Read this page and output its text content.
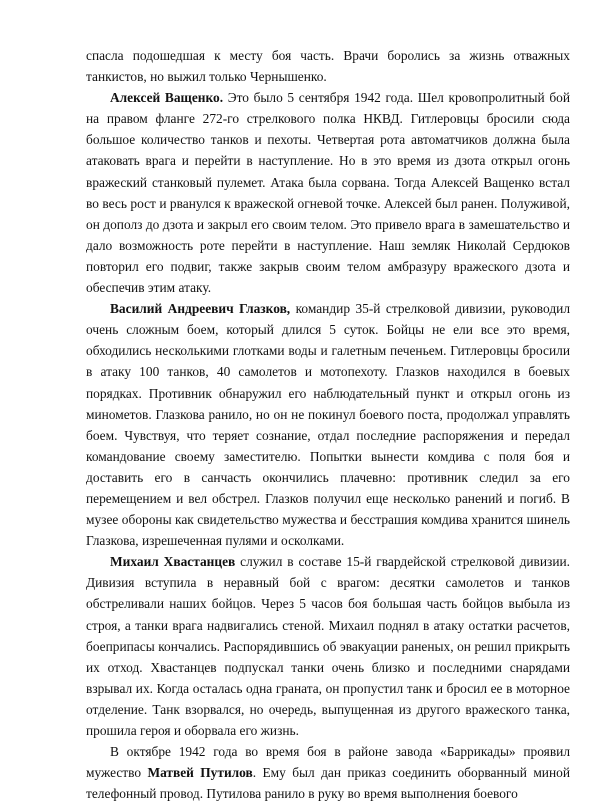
спасла подошедшая к месту боя часть. Врачи боролись за жизнь отважных танкистов, но выжил только Чернышенко.

Алексей Ващенко. Это было 5 сентября 1942 года. Шел кровопролитный бой на правом фланге 272-го стрелкового полка НКВД. Гитлеровцы бросили сюда большое количество танков и пехоты. Четвертая рота автоматчиков должна была атаковать врага и перейти в наступление. Но в это время из дзота открыл огонь вражеский станковый пулемет. Атака была сорвана. Тогда Алексей Ващенко встал во весь рост и рванулся к вражеской огневой точке. Алексей был ранен. Полуживой, он дополз до дзота и закрыл его своим телом. Это привело врага в замешательство и дало возможность роте перейти в наступление. Наш земляк Николай Сердюков повторил его подвиг, также закрыв своим телом амбразуру вражеского дзота и обеспечив этим атаку.

Василий Андреевич Глазков, командир 35-й стрелковой дивизии, руководил очень сложным боем, который длился 5 суток. Бойцы не ели все это время, обходились несколькими глотками воды и галетным печеньем. Гитлеровцы бросили в атаку 100 танков, 40 самолетов и мотопехоту. Глазков находился в боевых порядках. Противник обнаружил его наблюдательный пункт и открыл огонь из минометов. Глазкова ранило, но он не покинул боевого поста, продолжал управлять боем. Чувствуя, что теряет сознание, отдал последние распоряжения и передал командование своему заместителю. Попытки вынести комдива с поля боя и доставить его в санчасть окончились плачевно: противник следил за его перемещением и вел обстрел. Глазков получил еще несколько ранений и погиб. В музее обороны как свидетельство мужества и бесстрашия комдива хранится шинель Глазкова, изрешеченная пулями и осколками.

Михаил Хвастанцев служил в составе 15-й гвардейской стрелковой дивизии. Дивизия вступила в неравный бой с врагом: десятки самолетов и танков обстреливали наших бойцов. Через 5 часов боя большая часть бойцов выбыла из строя, а танки врага надвигались стеной. Михаил поднял в атаку остатки расчетов, боеприпасы кончались. Распорядившись об эвакуации раненых, он решил прикрыть их отход. Хвастанцев подпускал танки очень близко и последними снарядами взрывал их. Когда осталась одна граната, он пропустил танк и бросил ее в моторное отделение. Танк взорвался, но очередь, выпущенная из другого вражеского танка, прошила героя и оборвала его жизнь.

В октябре 1942 года во время боя в районе завода «Баррикады» проявил мужество Матвей Путилов. Ему был дан приказ соединить оборванный миной телефонный провод. Путилова ранило в руку во время выполнения боевого
